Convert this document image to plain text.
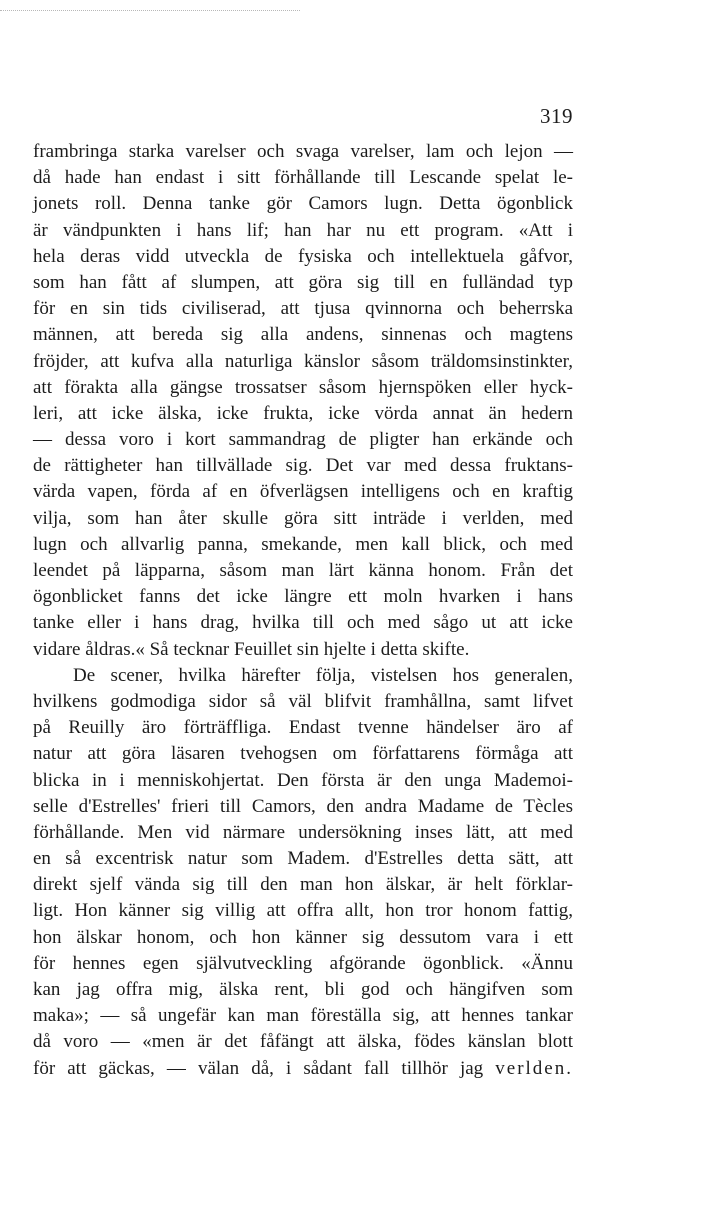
319
frambringa starka varelser och svaga varelser, lam och lejon —
då hade han endast i sitt förhållande till Lescande spelat le-
jonets roll. Denna tanke gör Camors lugn. Detta ögonblick
är vändpunkten i hans lif; han har nu ett program. «Att i
hela deras vidd utveckla de fysiska och intellektuela gåfvor,
som han fått af slumpen, att göra sig till en fulländad typ
för en sin tids civiliserad, att tjusa qvinnorna och beherrska
männen, att bereda sig alla andens, sinnenas och magtens
fröjder, att kufva alla naturliga känslor såsom träldomsinstinkter,
att förakta alla gängse trossatser såsom hjernspöken eller hyck-
leri, att icke älska, icke frukta, icke vörda annat än hedern
— dessa voro i kort sammandrag de pligter han erkände och
de rättigheter han tillvällade sig. Det var med dessa fruktans-
värda vapen, förda af en öfverlägsen intelligens och en kraftig
vilja, som han åter skulle göra sitt inträde i verlden, med
lugn och allvarlig panna, smekande, men kall blick, och med
leendet på läpparna, såsom man lärt känna honom. Från det
ögonblicket fanns det icke längre ett moln hvarken i hans
tanke eller i hans drag, hvilka till och med sågo ut att icke
vidare åldras.« Så tecknar Feuillet sin hjelte i detta skifte.
De scener, hvilka härefter följa, vistelsen hos generalen,
hvilkens godmodiga sidor så väl blifvit framhållna, samt lifvet
på Reuilly äro förträffliga. Endast tvenne händelser äro af
natur att göra läsaren tvehogsen om författarens förmåga att
blicka in i menniskohjertat. Den första är den unga Mademoi-
selle d'Estrelles' frieri till Camors, den andra Madame de Tècles
förhållande. Men vid närmare undersökning inses lätt, att med
en så excentrisk natur som Madem. d'Estrelles detta sätt, att
direkt sjelf vända sig till den man hon älskar, är helt förklar-
ligt. Hon känner sig villig att offra allt, hon tror honom fattig,
hon älskar honom, och hon känner sig dessutom vara i ett
för hennes egen självutveckling afgörande ögonblick. «Ännu
kan jag offra mig, älska rent, bli god och hängifven som
maka»; — så ungefär kan man föreställa sig, att hennes tankar
då voro — «men är det fåfängt att älska, födes känslan blott
för att gäckas, — välan då, i sådant fall tillhör jag verlden.
